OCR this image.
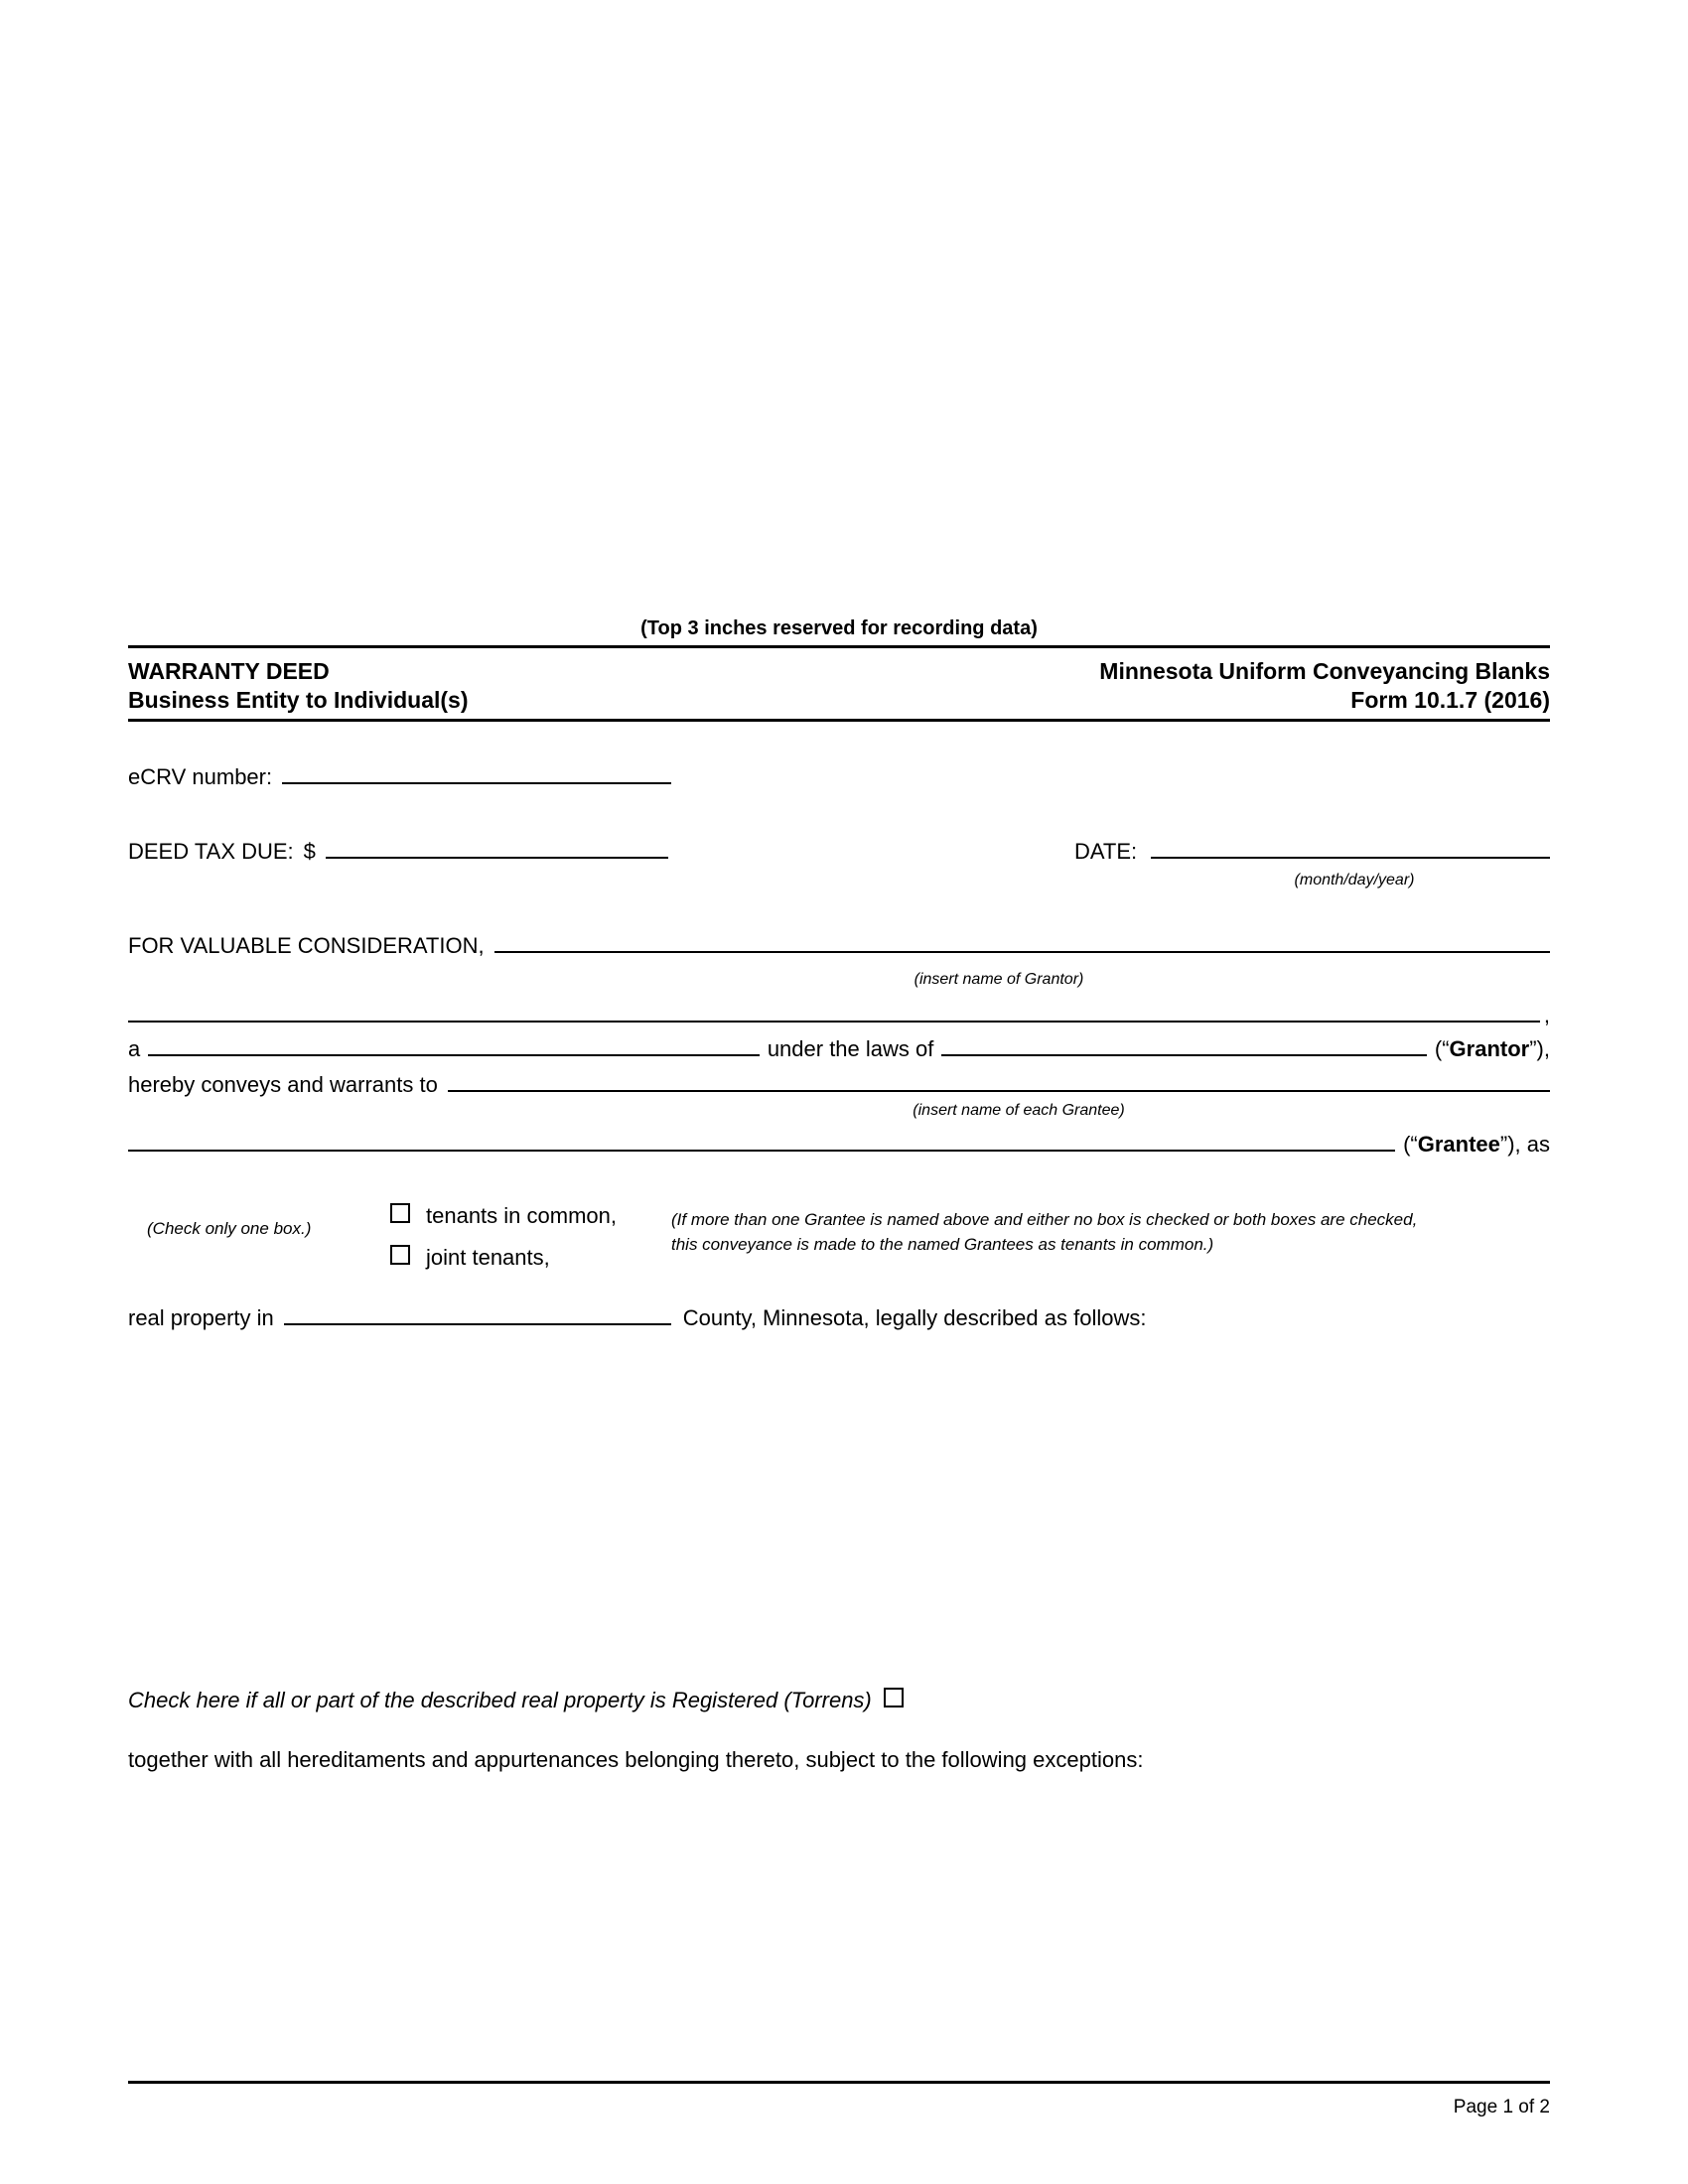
(Top 3 inches reserved for recording data)
WARRANTY DEED
Business Entity to Individual(s)
Minnesota Uniform Conveyancing Blanks
Form 10.1.7 (2016)
eCRV number:
DEED TAX DUE: $	DATE:
(month/day/year)
FOR VALUABLE CONSIDERATION,
(insert name of Grantor)
,
a	under the laws of	(“Grantor”),
hereby conveys and warrants to
(insert name of each Grantee)
(“Grantee”), as
(Check only one box.)
tenants in common,
joint tenants,
(If more than one Grantee is named above and either no box is checked or both boxes are checked,
this conveyance is made to the named Grantees as tenants in common.)
real property in	County, Minnesota, legally described as follows:
Check here if all or part of the described real property is Registered (Torrens)
together with all hereditaments and appurtenances belonging thereto, subject to the following exceptions:
Page 1 of 2
